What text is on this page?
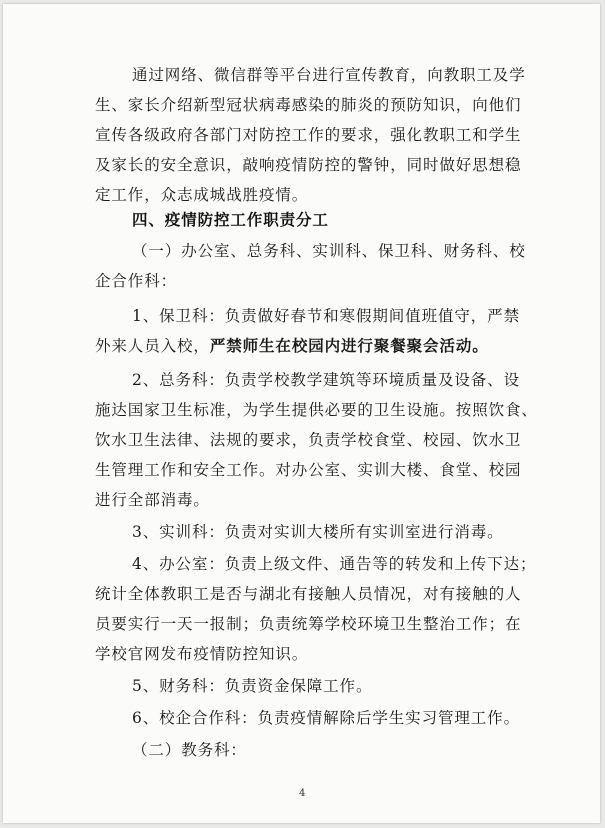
通过网络、微信群等平台进行宣传教育，向教职工及学
生、家长介绍新型冠状病毒感染的肺炎的预防知识，向他们
宣传各级政府各部门对防控工作的要求，强化教职工和学生
及家长的安全意识，敲响疫情防控的警钟，同时做好思想稳
定工作，众志成城战胜疫情。
四、疫情防控工作职责分工
（一）办公室、总务科、实训科、保卫科、财务科、校
企合作科：
1、保卫科：负责做好春节和寒假期间值班值守，严禁
外来人员入校，严禁师生在校园内进行聚餐聚会活动。
2、总务科：负责学校教学建筑等环境质量及设备、设
施达国家卫生标准，为学生提供必要的卫生设施。按照饮食、
饮水卫生法律、法规的要求，负责学校食堂、校园、饮水卫
生管理工作和安全工作。对办公室、实训大楼、食堂、校园
进行全部消毒。
3、实训科：负责对实训大楼所有实训室进行消毒。
4、办公室：负责上级文件、通告等的转发和上传下达；
统计全体教职工是否与湖北有接触人员情况，对有接触的人
员要实行一天一报制；负责统筹学校环境卫生整治工作；在
学校官网发布疫情防控知识。
5、财务科：负责资金保障工作。
6、校企合作科：负责疫情解除后学生实习管理工作。
（二）教务科：
4
